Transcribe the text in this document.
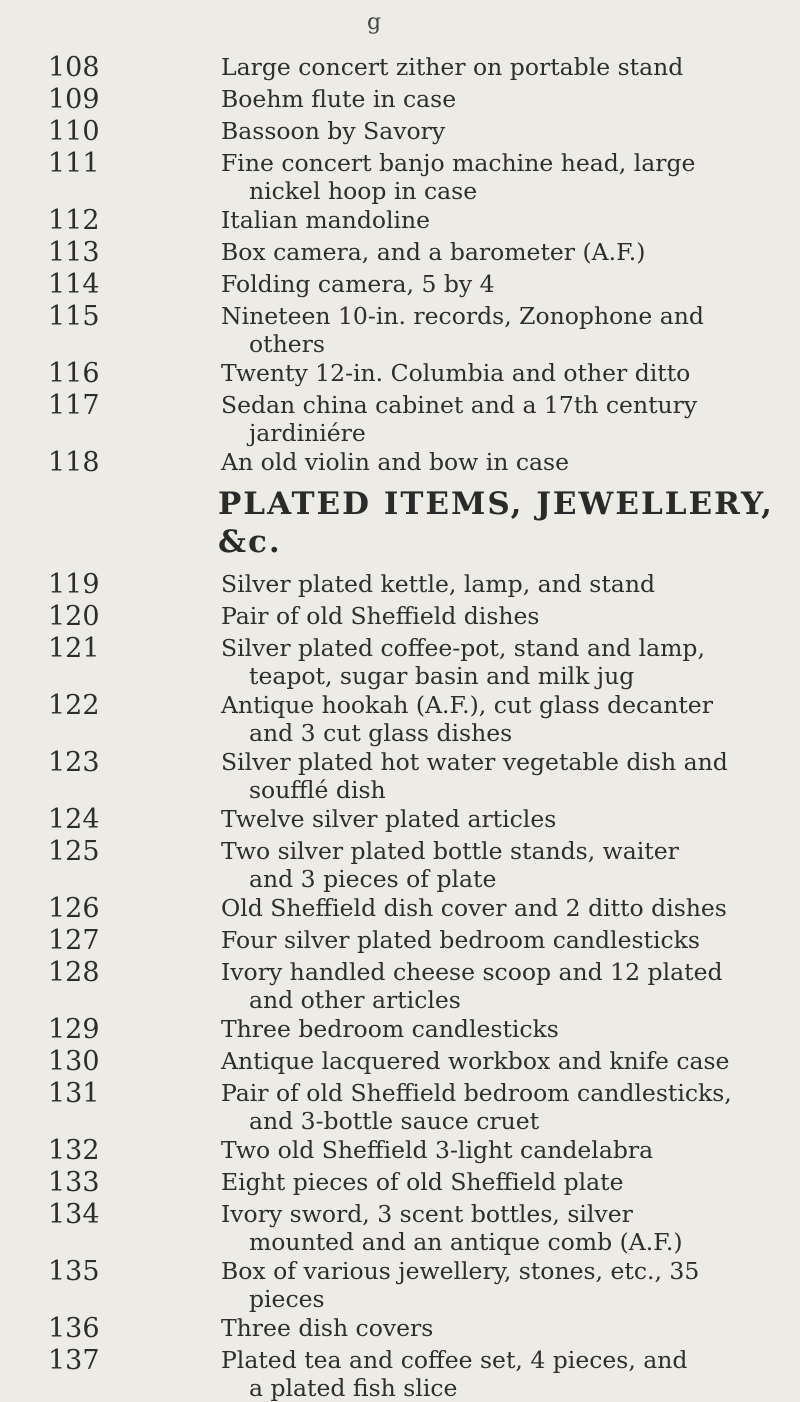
g
108	Large concert zither on portable stand
109	Boehm flute in case
110	Bassoon by Savory
111	Fine concert banjo machine head, large
nickel hoop in case
112	Italian mandoline
113	Box camera, and a barometer (A.F.)
114	Folding camera, 5 by 4
115	Nineteen 10-in. records, Zonophone and
others
116	Twenty 12-in. Columbia and other ditto
117	Sedan china cabinet and a 17th century
jardiniére
118	An old violin and bow in case
PLATED ITEMS, JEWELLERY, &c.
119	Silver plated kettle, lamp, and stand
120	Pair of old Sheffield dishes
121	Silver plated coffee-pot, stand and lamp,
teapot, sugar basin and milk jug
122	Antique hookah (A.F.), cut glass decanter
and 3 cut glass dishes
123	Silver plated hot water vegetable dish and
soufflé dish
124	Twelve silver plated articles
125	Two silver plated bottle stands, waiter
and 3 pieces of plate
126	Old Sheffield dish cover and 2 ditto dishes
127	Four silver plated bedroom candlesticks
128	Ivory handled cheese scoop and 12 plated
and other articles
129	Three bedroom candlesticks
130	Antique lacquered workbox and knife case
131	Pair of old Sheffield bedroom candlesticks,
and 3-bottle sauce cruet
132	Two old Sheffield 3-light candelabra
133	Eight pieces of old Sheffield plate
134	Ivory sword, 3 scent bottles, silver
mounted and an antique comb (A.F.)
135	Box of various jewellery, stones, etc., 35
pieces
136	Three dish covers
137	Plated tea and coffee set, 4 pieces, and
a plated fish slice
